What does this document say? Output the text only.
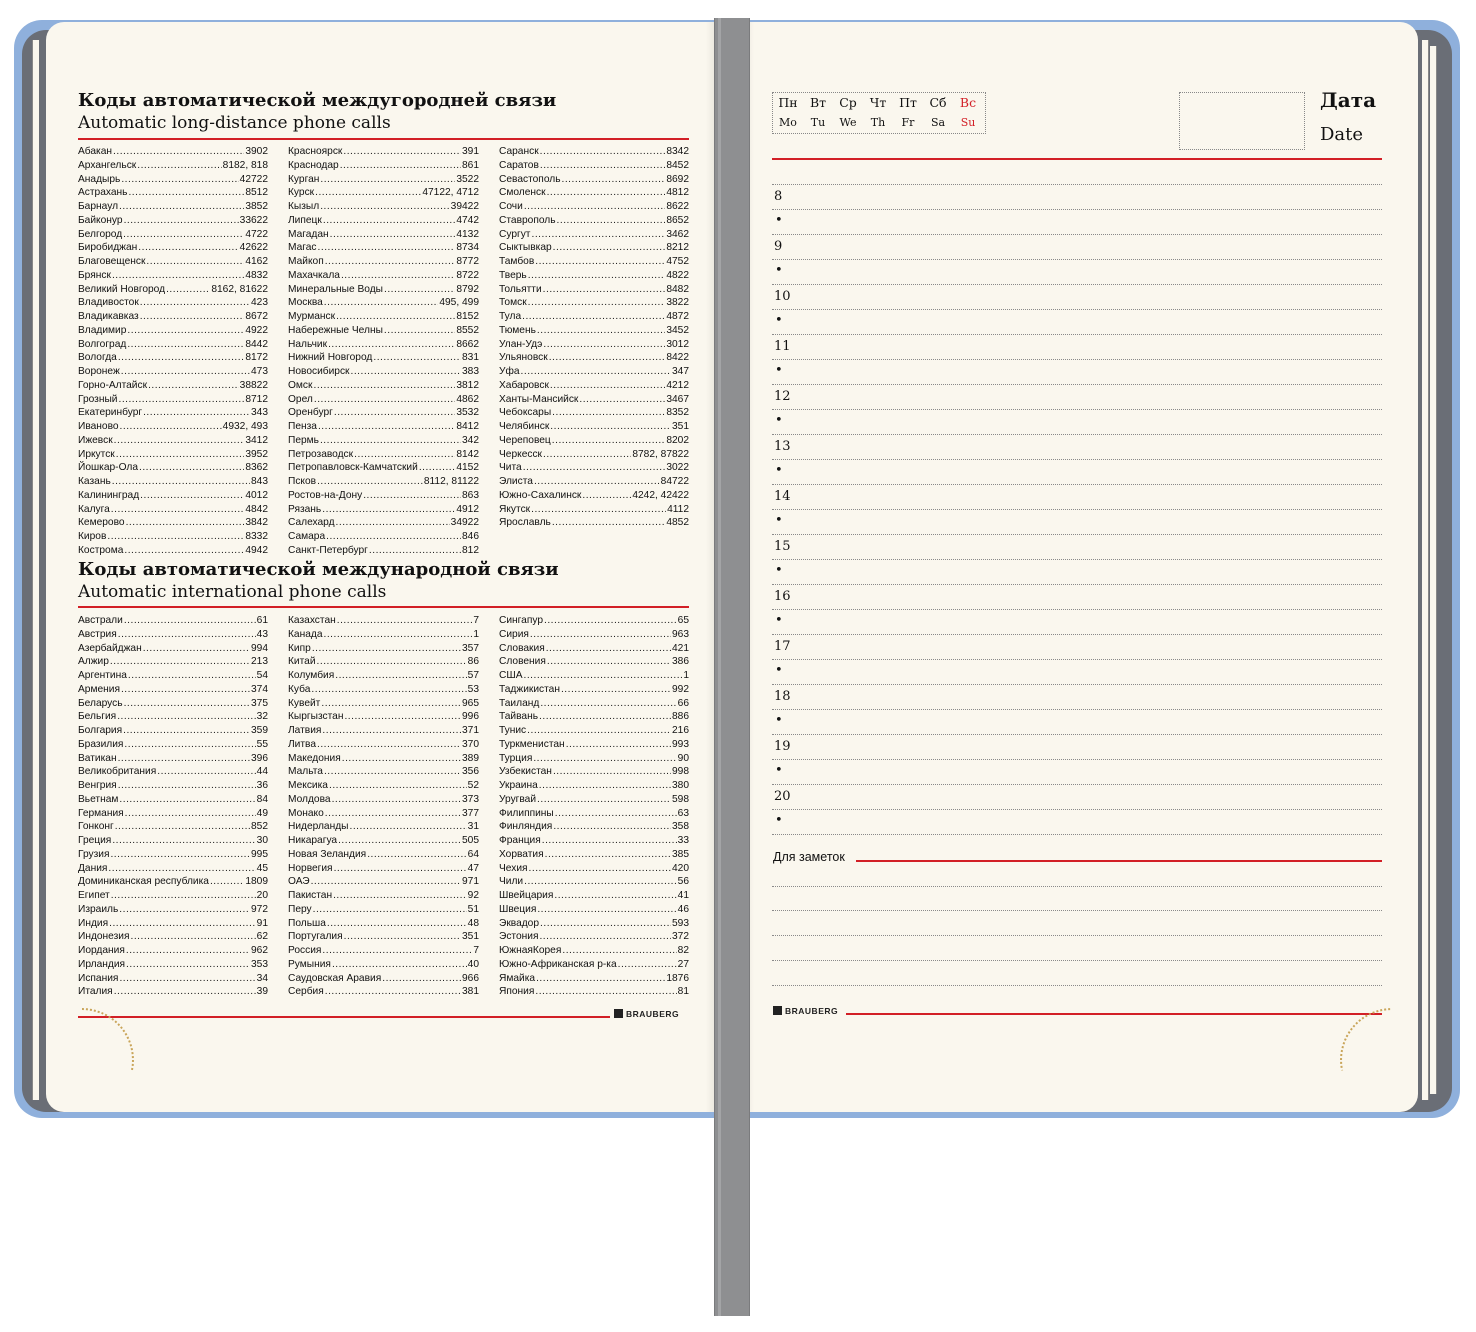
Коды автоматической междугородней связи
Automatic long-distance phone calls
Абакан .....	3902
Архангельск .....	8182, 818
Анадырь .....	42722
Астрахань .....	8512
Барнаул .....	3852
Байконур .....	33622
Белгород .....	4722
Биробиджан .....	42622
Благовещенск .....	4162
Брянск .....	4832
Великий Новгород .....	8162, 81622
Владивосток .....	423
Владикавказ .....	8672
Владимир .....	4922
Волгоград .....	8442
Вологда .....	8172
Воронеж .....	473
Горно-Алтайск .....	38822
Грозный .....	8712
Екатеринбург .....	343
Иваново .....	4932, 493
Ижевск .....	3412
Иркутск .....	3952
Йошкар-Ола .....	8362
Казань .....	843
Калининград .....	4012
Калуга .....	4842
Кемерово .....	3842
Киров .....	8332
Кострома .....	4942
Красноярск .....	391
Краснодар .....	861
Курган .....	3522
Курск .....	47122, 4712
Кызыл .....	39422
Липецк .....	4742
Магадан .....	4132
Магас .....	8734
Майкоп .....	8772
Махачкала .....	8722
Минеральные Воды .....	8792
Москва .....	495, 499
Мурманск .....	8152
Набережные Челны .....	8552
Нальчик .....	8662
Нижний Новгород .....	831
Новосибирск .....	383
Омск .....	3812
Орел .....	4862
Оренбург .....	3532
Пенза .....	8412
Пермь .....	342
Петрозаводск .....	8142
Петропавловск-Камчатский .....	4152
Псков .....	8112, 81122
Ростов-на-Дону .....	863
Рязань .....	4912
Салехард .....	34922
Самара .....	846
Санкт-Петербург .....	812
Саранск .....	8342
Саратов .....	8452
Севастополь .....	8692
Смоленск .....	4812
Сочи .....	8622
Ставрополь .....	8652
Сургут .....	3462
Сыктывкар .....	8212
Тамбов .....	4752
Тверь .....	4822
Тольятти .....	8482
Томск .....	3822
Тула .....	4872
Тюмень .....	3452
Улан-Удэ .....	3012
Ульяновск .....	8422
Уфа .....	347
Хабаровск .....	4212
Ханты-Мансийск .....	3467
Чебоксары .....	8352
Челябинск .....	351
Череповец .....	8202
Черкесск .....	8782, 87822
Чита .....	3022
Элиста .....	84722
Южно-Сахалинск .....	4242, 42422
Якутск .....	4112
Ярославль .....	4852
Коды автоматической международной связи
Automatic international phone calls
Австрали .....	61
Австрия .....	43
Азербайджан .....	994
Алжир .....	213
Аргентина .....	54
Армения .....	374
Беларусь .....	375
Бельгия .....	32
Болгария .....	359
Бразилия .....	55
Ватикан .....	396
Великобритания .....	44
Венгрия .....	36
Вьетнам .....	84
Германия .....	49
Гонконг .....	852
Греция .....	30
Грузия .....	995
Дания .....	45
Доминиканская республика .....	1809
Египет .....	20
Израиль .....	972
Индия .....	91
Индонезия .....	62
Иордания .....	962
Ирландия .....	353
Испания .....	34
Италия .....	39
Казахстан .....	7
Канада .....	1
Кипр .....	357
Китай .....	86
Колумбия .....	57
Куба .....	53
Кувейт .....	965
Кыргызстан .....	996
Латвия .....	371
Литва .....	370
Македония .....	389
Мальта .....	356
Мексика .....	52
Молдова .....	373
Монако .....	377
Нидерланды .....	31
Никарагуа .....	505
Новая Зеландия .....	64
Норвегия .....	47
ОАЭ .....	971
Пакистан .....	92
Перу .....	51
Польша .....	48
Португалия .....	351
Россия .....	7
Румыния .....	40
Саудовская Аравия .....	966
Сербия .....	381
Сингапур .....	65
Сирия .....	963
Словакия .....	421
Словения .....	386
США .....	1
Таджикистан .....	992
Таиланд .....	66
Тайвань .....	886
Тунис .....	216
Туркменистан .....	993
Турция .....	90
Узбекистан .....	998
Украина .....	380
Уругвай .....	598
Филиппины .....	63
Финляндия .....	358
Франция .....	33
Хорватия .....	385
Чехия .....	420
Чили .....	56
Швейцария .....	41
Швеция .....	46
Эквадор .....	593
Эстония .....	372
ЮжнаяКорея .....	82
Южно-Африканская р-ка .....	27
Ямайка .....	1876
Япония .....	81
BRAUBERG
Пн Вт	Ср	Чт	Пт	Сб	Вс
Mo	Tu	We	Th	Fr	Sa	Su
Дата
Date
8
•
9
•
10
•
11
•
12
•
13
•
14
•
15
•
16
•
17
•
18
•
19
•
20
•
Для заметок
BRAUBERG
